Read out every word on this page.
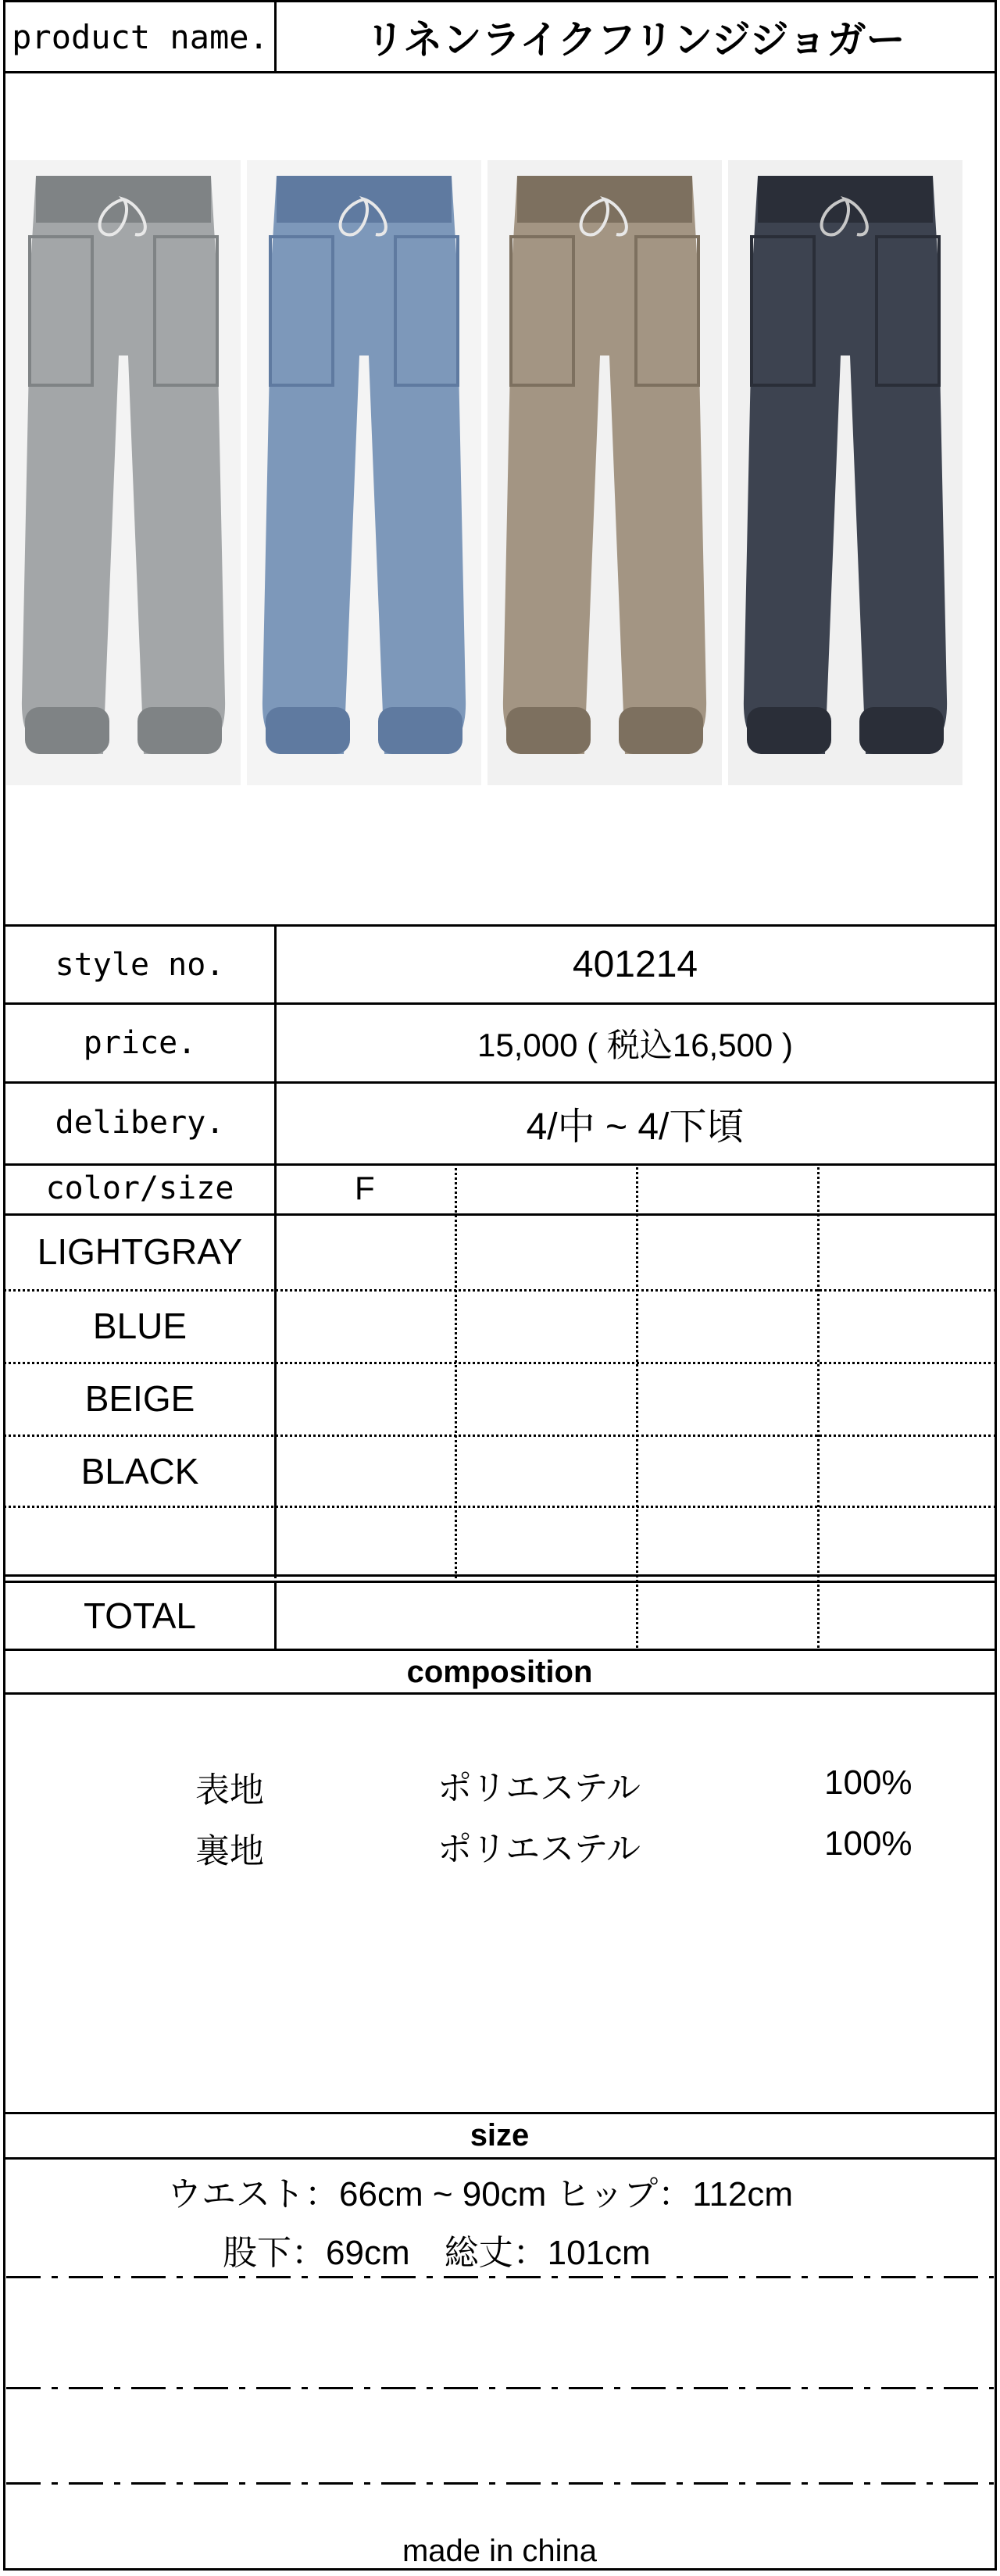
product name.	リネンライクフリンジジョガー
style no.	401214
price.	15,000 ( 税込16,500 )
delibery.	4/中 ~ 4/下頃
color/size	F
LIGHTGRAY
BLUE
BEIGE
BLACK
TOTAL
composition
表地	ポリエステル	100%
裏地	ポリエステル	100%
size
ウエスト：66cm ~ 90cm ヒップ：112cm
股下：69cm　総丈：101cm
made in china
